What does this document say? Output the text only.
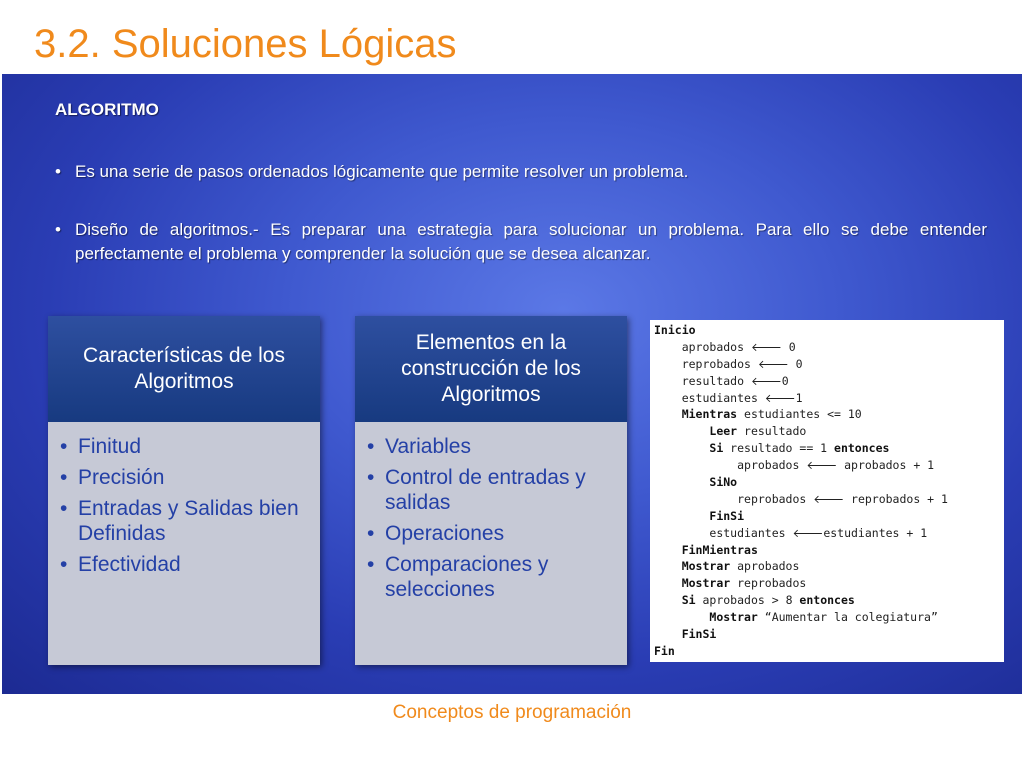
3.2. Soluciones Lógicas
ALGORITMO
• Es una serie de pasos ordenados lógicamente que permite resolver un problema.
• Diseño de algoritmos.- Es preparar una estrategia para solucionar un problema. Para ello se debe entender perfectamente el problema y comprender la solución que se desea alcanzar.
Características de los Algoritmos
• Finitud
• Precisión
• Entradas y Salidas bien Definidas
• Efectividad
Elementos en la construcción de los Algoritmos
• Variables
• Control de entradas y salidas
• Operaciones
• Comparaciones y selecciones
Inicio
aprobados 🡐 0
reprobados 🡐 0
resultado 🡐0
estudiantes 🡐1
Mientras estudiantes <= 10
Leer resultado
Si resultado == 1 entonces
aprobados 🡐 aprobados + 1
SiNo
reprobados 🡐 reprobados + 1
FinSi
estudiantes 🡐estudiantes + 1
FinMientras
Mostrar aprobados
Mostrar reprobados
Si aprobados > 8 entonces
Mostrar “Aumentar la colegiatura”
FinSi
Fin
Conceptos de programación
